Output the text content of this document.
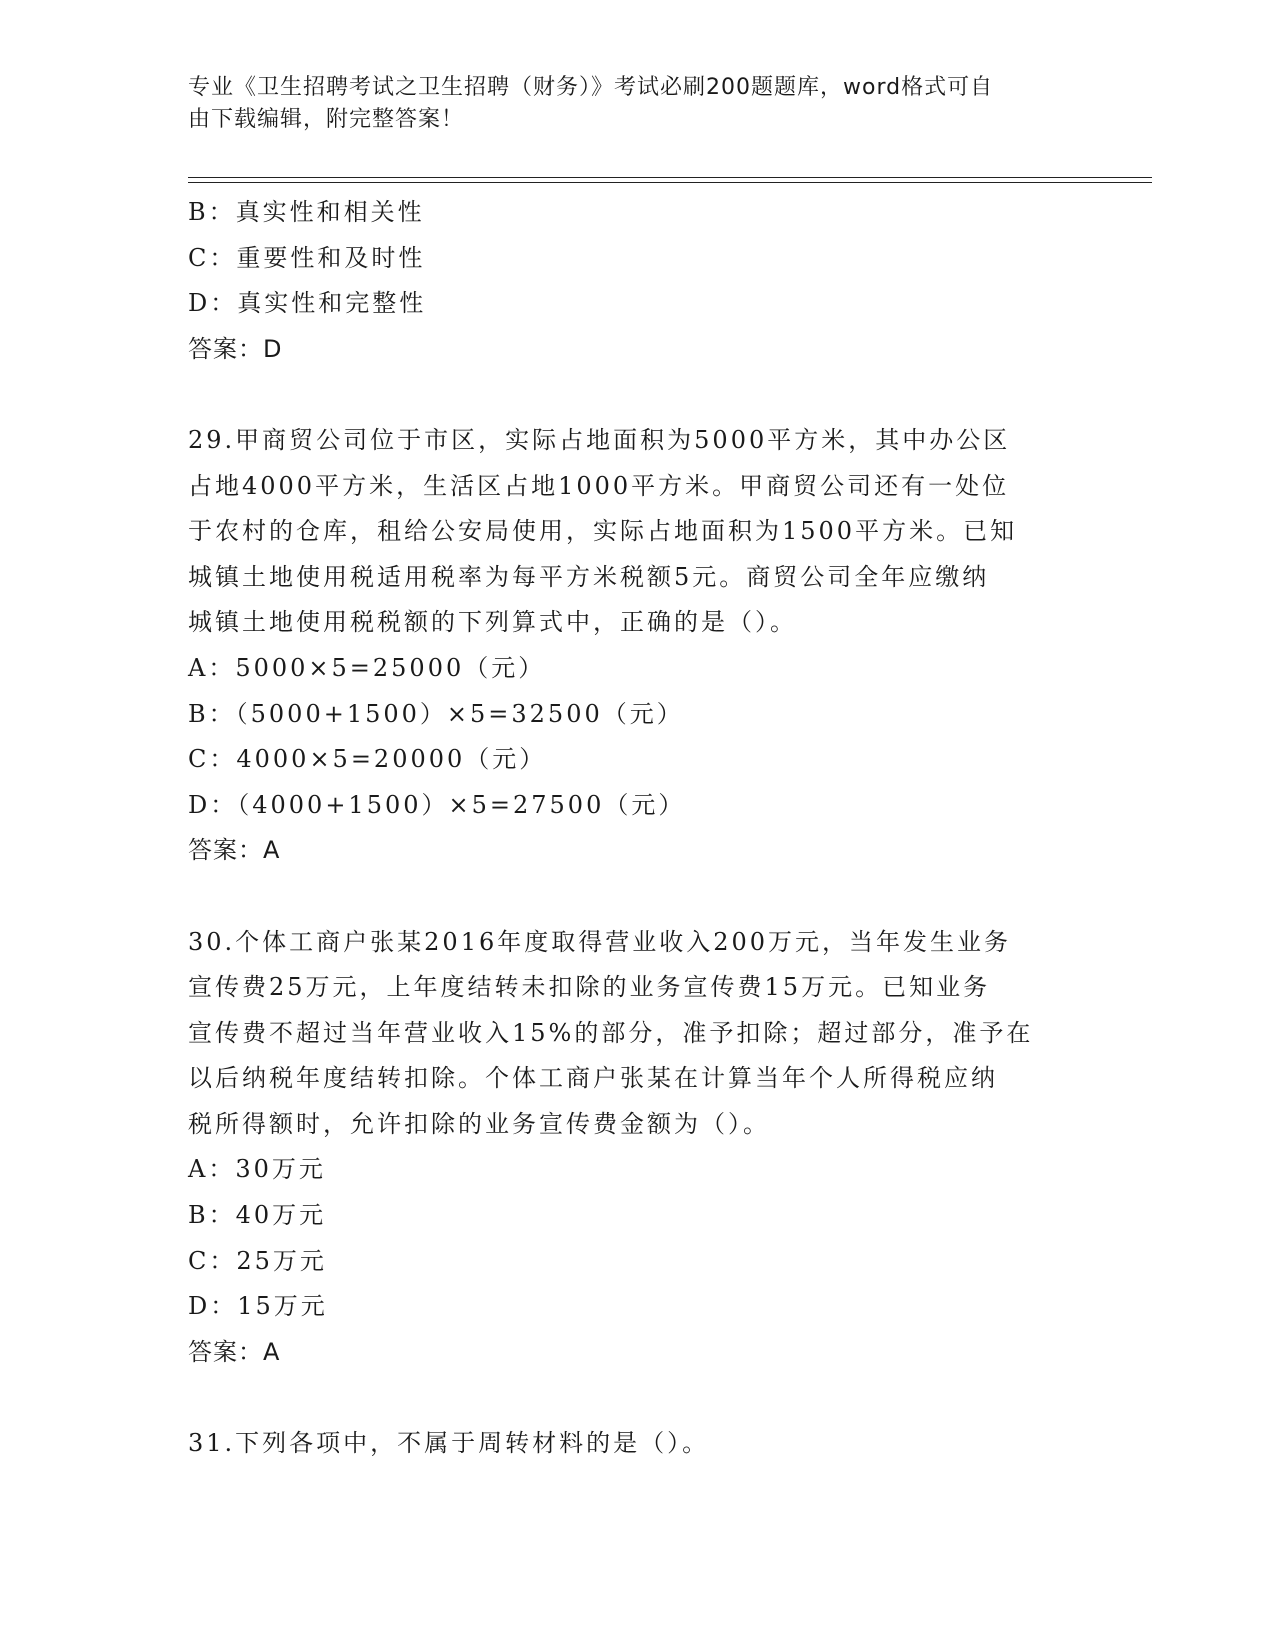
专业《卫生招聘考试之卫生招聘（财务）》考试必刷200题题库，word格式可自
由下载编辑，附完整答案！
B：真实性和相关性
C：重要性和及时性
D：真实性和完整性
答案：D
29.甲商贸公司位于市区，实际占地面积为5000平方米，其中办公区
占地4000平方米，生活区占地1000平方米。甲商贸公司还有一处位
于农村的仓库，租给公安局使用，实际占地面积为1500平方米。已知
城镇土地使用税适用税率为每平方米税额5元。商贸公司全年应缴纳
城镇土地使用税税额的下列算式中，正确的是（）。
A：5000×5=25000（元）
B：（5000+1500）×5=32500（元）
C：4000×5=20000（元）
D：（4000+1500）×5=27500（元）
答案：A
30.个体工商户张某2016年度取得营业收入200万元，当年发生业务
宣传费25万元，上年度结转未扣除的业务宣传费15万元。已知业务
宣传费不超过当年营业收入15%的部分，准予扣除；超过部分，准予在
以后纳税年度结转扣除。个体工商户张某在计算当年个人所得税应纳
税所得额时，允许扣除的业务宣传费金额为（）。
A：30万元
B：40万元
C：25万元
D：15万元
答案：A
31.下列各项中，不属于周转材料的是（）。
